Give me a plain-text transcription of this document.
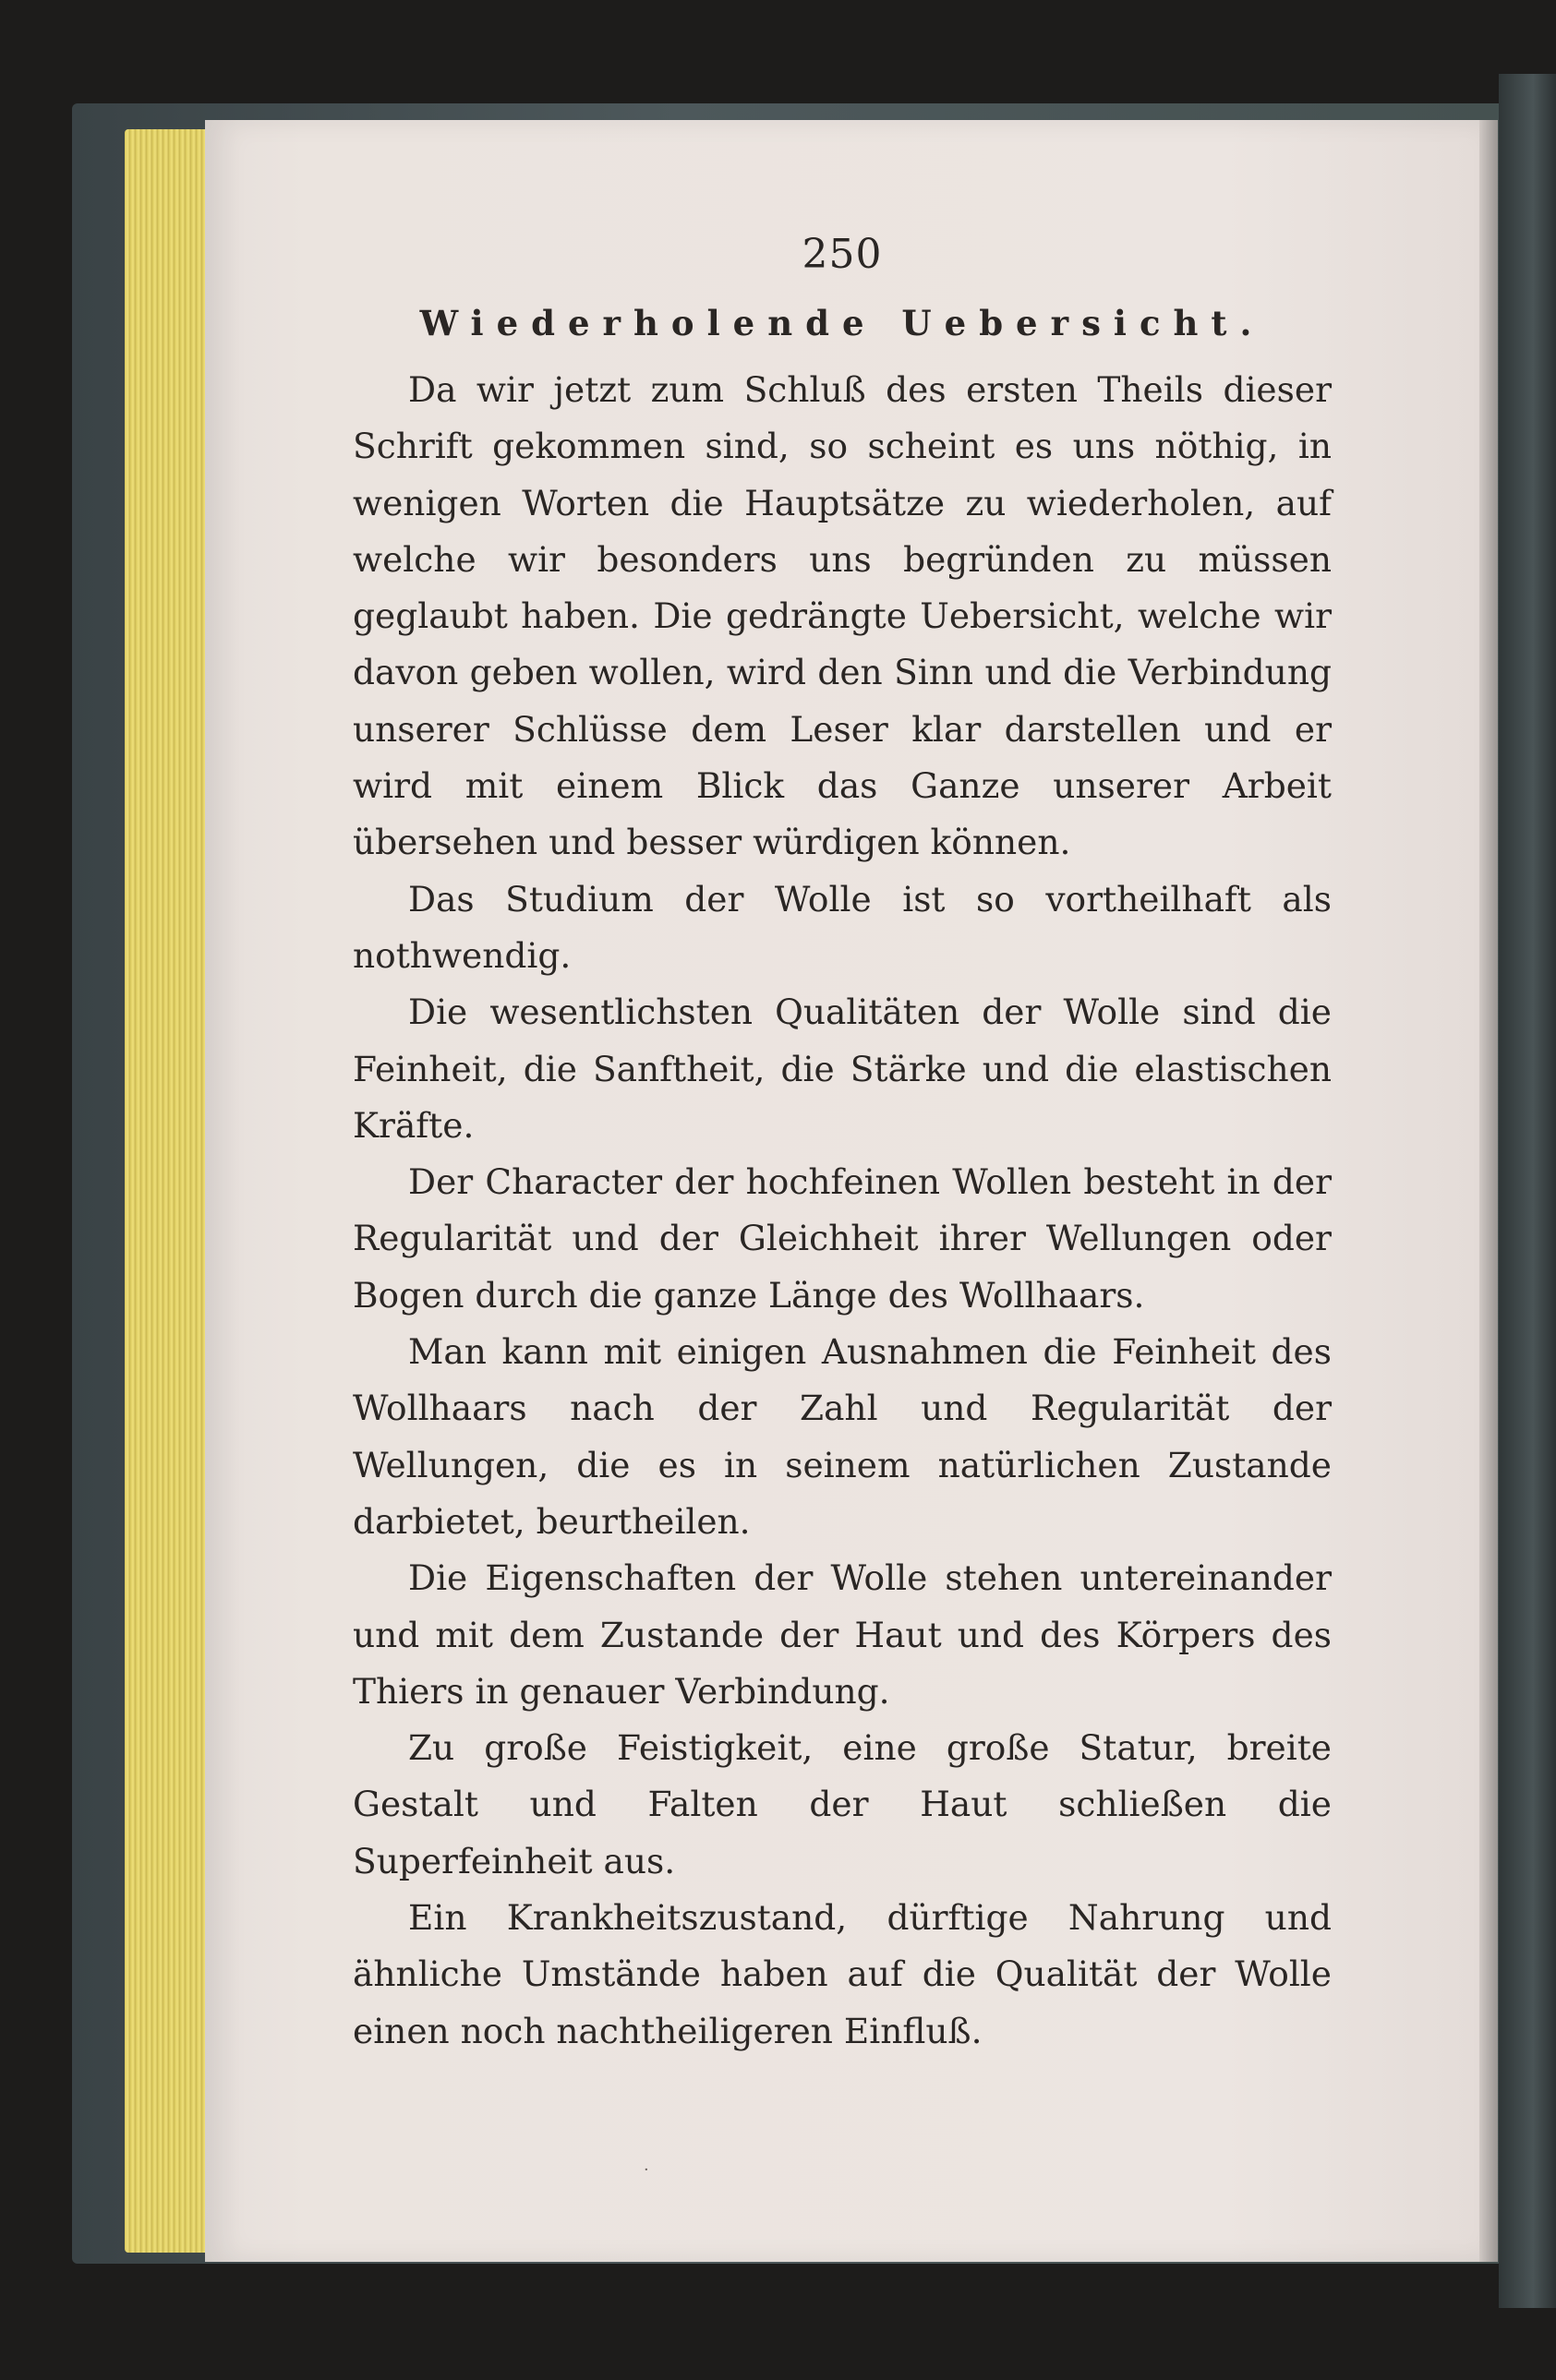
250
Wiederholende Uebersicht.

Da wir jetzt zum Schluß des ersten Theils dieser Schrift gekommen sind, so scheint es uns nöthig, in wenigen Worten die Hauptsätze zu wiederholen, auf welche wir besonders uns begründen zu müssen geglaubt haben. Die gedrängte Uebersicht, welche wir davon geben wollen, wird den Sinn und die Verbindung unserer Schlüsse dem Leser klar darstellen und er wird mit einem Blick das Ganze unserer Arbeit übersehen und besser würdigen können.

Das Studium der Wolle ist so vortheilhaft als nothwendig.

Die wesentlichsten Qualitäten der Wolle sind die Feinheit, die Sanftheit, die Stärke und die elastischen Kräfte.

Der Character der hochfeinen Wollen besteht in der Regularität und der Gleichheit ihrer Wellungen oder Bogen durch die ganze Länge des Wollhaars.

Man kann mit einigen Ausnahmen die Feinheit des Wollhaars nach der Zahl und Regularität der Wellungen, die es in seinem natürlichen Zustande darbietet, beurtheilen.

Die Eigenschaften der Wolle stehen untereinander und mit dem Zustande der Haut und des Körpers des Thiers in genauer Verbindung.

Zu große Feistigkeit, eine große Statur, breite Gestalt und Falten der Haut schließen die Superfeinheit aus.

Ein Krankheitszustand, dürftige Nahrung und ähnliche Umstände haben auf die Qualität der Wolle einen noch nachtheiligeren Einfluß.

·
